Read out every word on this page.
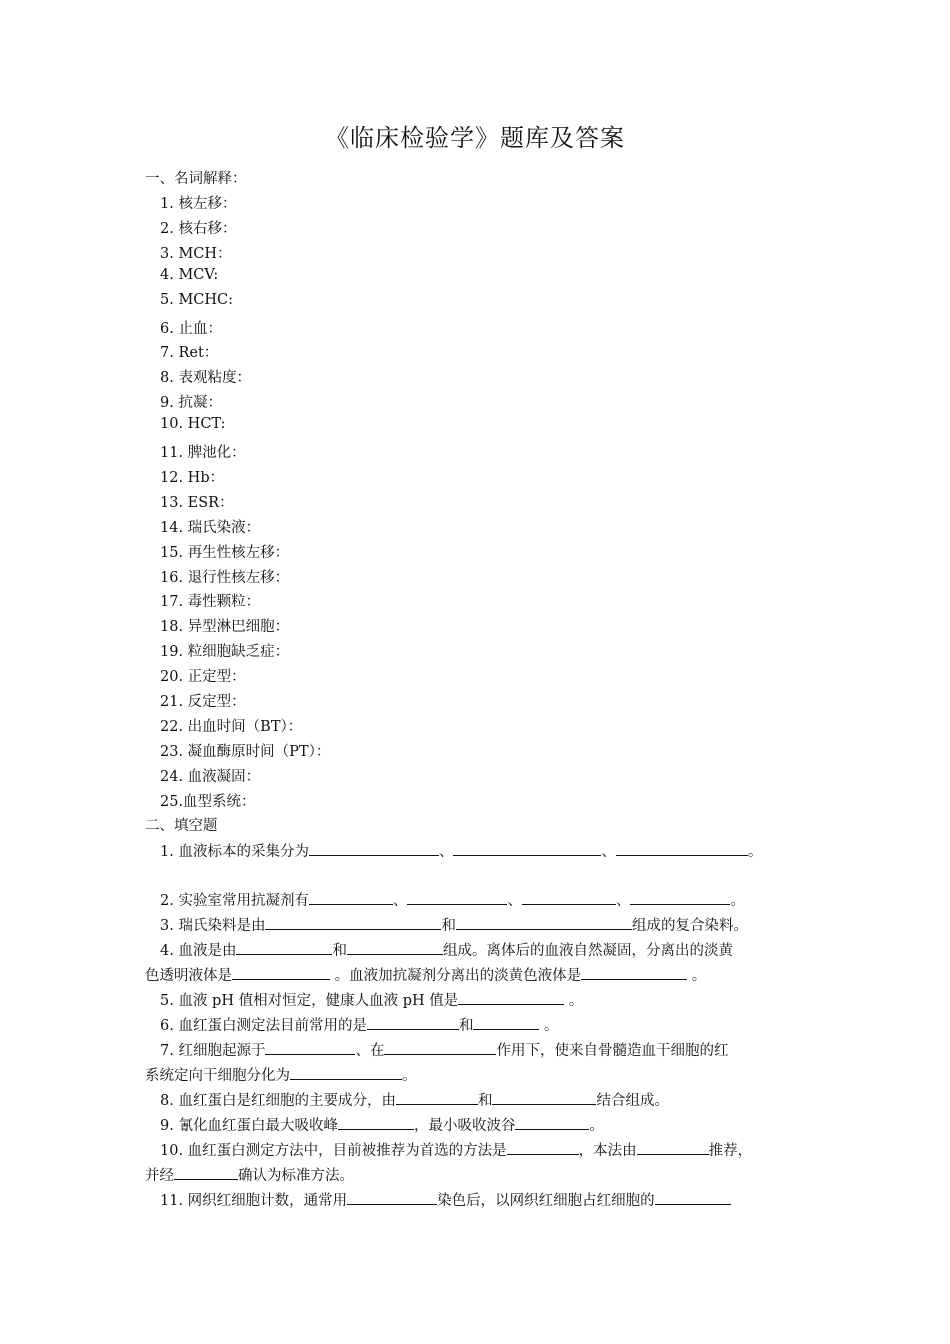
《临床检验学》题库及答案
一、名词解释：
1. 核左移：
2. 核右移：
3. MCH：
4. MCV:
5. MCHC:
6. 止血：
7. Ret：
8. 表观粘度：
9. 抗凝：
10. HCT:
11. 脾池化：
12. Hb：
13. ESR：
14. 瑞氏染液：
15. 再生性核左移：
16. 退行性核左移：
17. 毒性颗粒：
18. 异型淋巴细胞：
19. 粒细胞缺乏症：
20. 正定型：
21. 反定型：
22. 出血时间（BT）：
23. 凝血酶原时间（PT）：
24. 血液凝固：
25.血型系统：
二、填空题
1. 血液标本的采集分为	、	、	。
2. 实验室常用抗凝剂有	、	、	、	。
3. 瑞氏染料是由	和	组成的复合染料。
4. 血液是由	和	组成。离体后的血液自然凝固，分离出的淡黄
色透明液体是	。血液加抗凝剂分离出的淡黄色液体是	。
5. 血液 pH 值相对恒定，健康人血液 pH 值是	。
6. 血红蛋白测定法目前常用的是	和	。
7. 红细胞起源于	、在	作用下，使来自骨髓造血干细胞的红
系统定向干细胞分化为	。
8. 血红蛋白是红细胞的主要成分，由	和	结合组成。
9. 氰化血红蛋白最大吸收峰	，最小吸收波谷	。
10. 血红蛋白测定方法中，目前被推荐为首选的方法是	，本法由	推荐，
并经	确认为标准方法。
11. 网织红细胞计数，通常用	染色后，以网织红细胞占红细胞的
